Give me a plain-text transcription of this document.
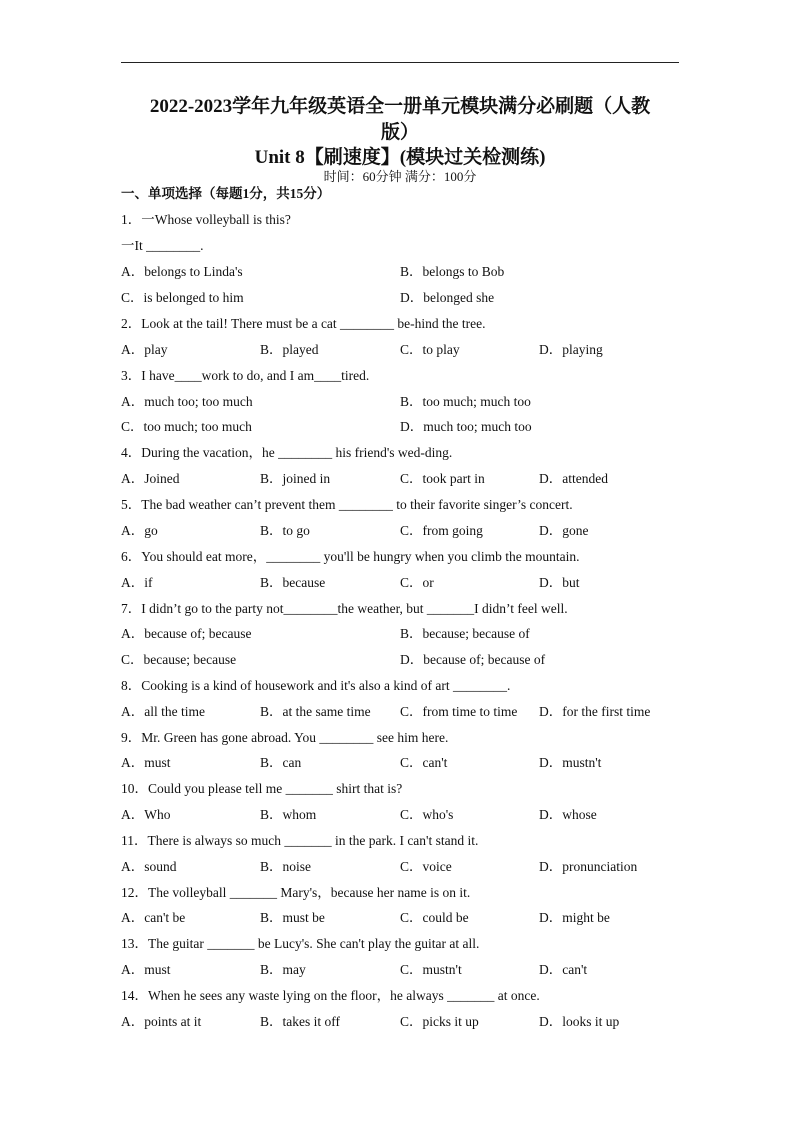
2022-2023学年九年级英语全一册单元模块满分必刷题（人教
版）
Unit 8【刷速度】(模块过关检测练)
时间：60分钟 满分：100分
一、单项选择（每题1分，共15分）
1．一Whose volleyball is this?
一It ________.
A．belongs to Linda's	B．belongs to Bob
C．is belonged to him	D．belonged she
2．Look at the tail! There must be a cat ________ be-hind the tree.
A．play	B．played	C．to play	D．playing
3．I have____work to do, and I am____tired.
A．much too; too much	B．too much; much too
C．too much; too much	D．much too; much too
4．During the vacation，he ________ his friend's wed-ding.
A．Joined	B．joined in	C．took part in	D．attended
5．The bad weather can’t prevent them ________ to their favorite singer’s concert.
A．go	B．to go	C．from going	D．gone
6．You should eat more，________ you'll be hungry when you climb the mountain.
A．if	B．because	C．or	D．but
7．I didn’t go to the party not________the weather, but _______I didn’t feel well.
A．because of; because	B．because; because of
C．because; because	D．because of; because of
8．Cooking is a kind of housework and it's also a kind of art ________.
A．all the time	B．at the same time C．from time to time D．for the first time
9．Mr. Green has gone abroad. You ________ see him here.
A．must	B．can	C．can't	D．mustn't
10．Could you please tell me _______ shirt that is?
A．Who	B．whom	C．who's	D．whose
11．There is always so much _______ in the park. I can't stand it.
A．sound	B．noise	C．voice	D．pronunciation
12．The volleyball _______ Mary's，because her name is on it.
A．can't be	B．must be	C．could be	D．might be
13．The guitar _______ be Lucy's. She can't play the guitar at all.
A．must	B．may	C．mustn't	D．can't
14．When he sees any waste lying on the floor，he always _______ at once.
A．points at it	B．takes it off	C．picks it up	D．looks it up
